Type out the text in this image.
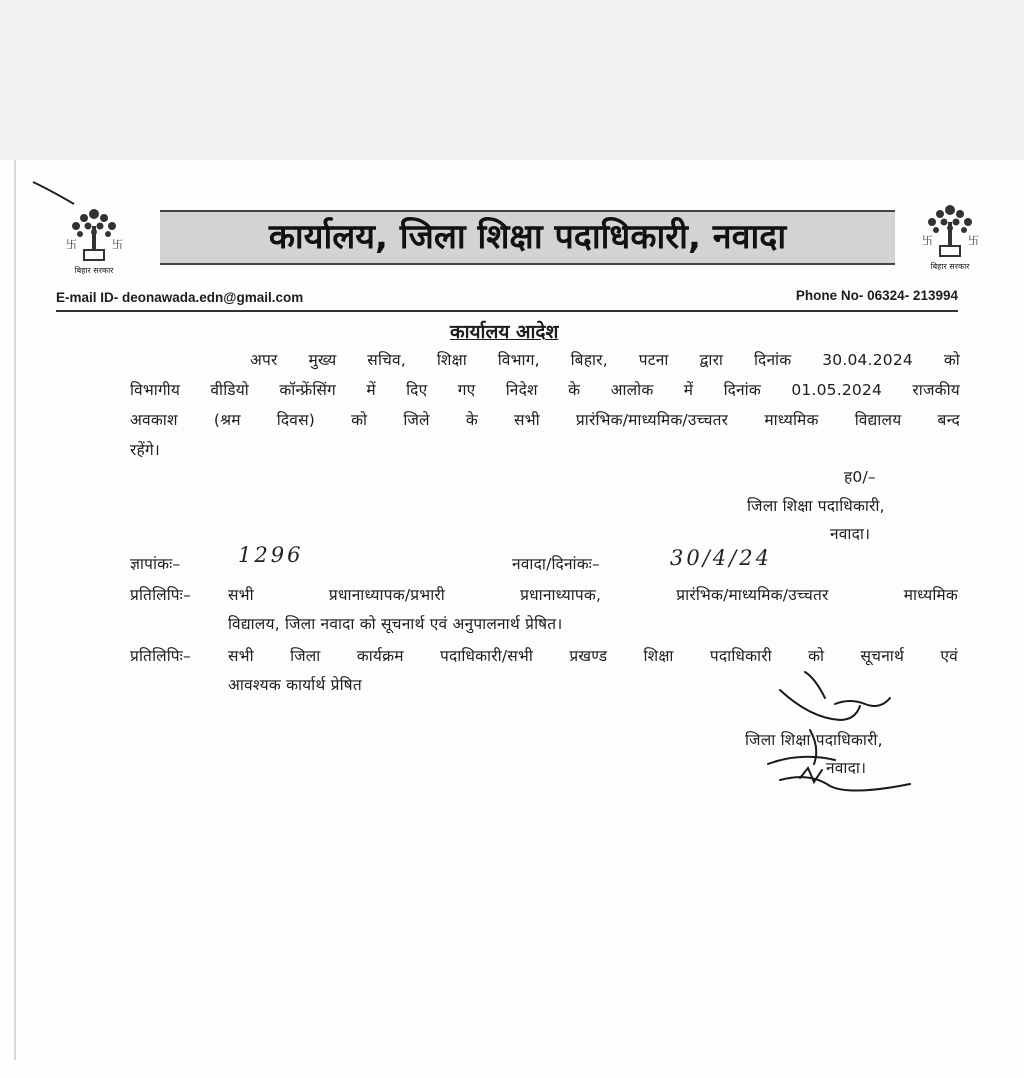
卐	卐
बिहार सरकार
卐	卐
बिहार सरकार
कार्यालय, जिला शिक्षा पदाधिकारी, नवादा
E-mail ID- deonawada.edn@gmail.com	Phone No- 06324- 213994
कार्यालय आदेश
अपर मुख्य सचिव, शिक्षा विभाग, बिहार, पटना द्वारा दिनांक 30.04.2024 को
विभागीय वीडियो कॉन्फ्रेंसिंग में दिए गए निदेश के आलोक में दिनांक 01.05.2024 राजकीय
अवकाश (श्रम दिवस) को जिले के सभी प्रारंभिक/माध्यमिक/उच्चतर माध्यमिक विद्यालय बन्द
रहेंगे।
ह0/–
जिला शिक्षा पदाधिकारी,
नवादा।
ज्ञापांकः–	1296	नवादा/दिनांकः–	30/4/24
प्रतिलिपिः– सभी प्रधानाध्यापक/प्रभारी प्रधानाध्यापक, प्रारंभिक/माध्यमिक/उच्चतर माध्यमिक
विद्यालय, जिला नवादा को सूचनार्थ एवं अनुपालनार्थ प्रेषित।
प्रतिलिपिः– सभी जिला कार्यक्रम पदाधिकारी/सभी प्रखण्ड शिक्षा पदाधिकारी को सूचनार्थ एवं
आवश्यक कार्यार्थ प्रेषित
जिला शिक्षा पदाधिकारी,
नवादा।
